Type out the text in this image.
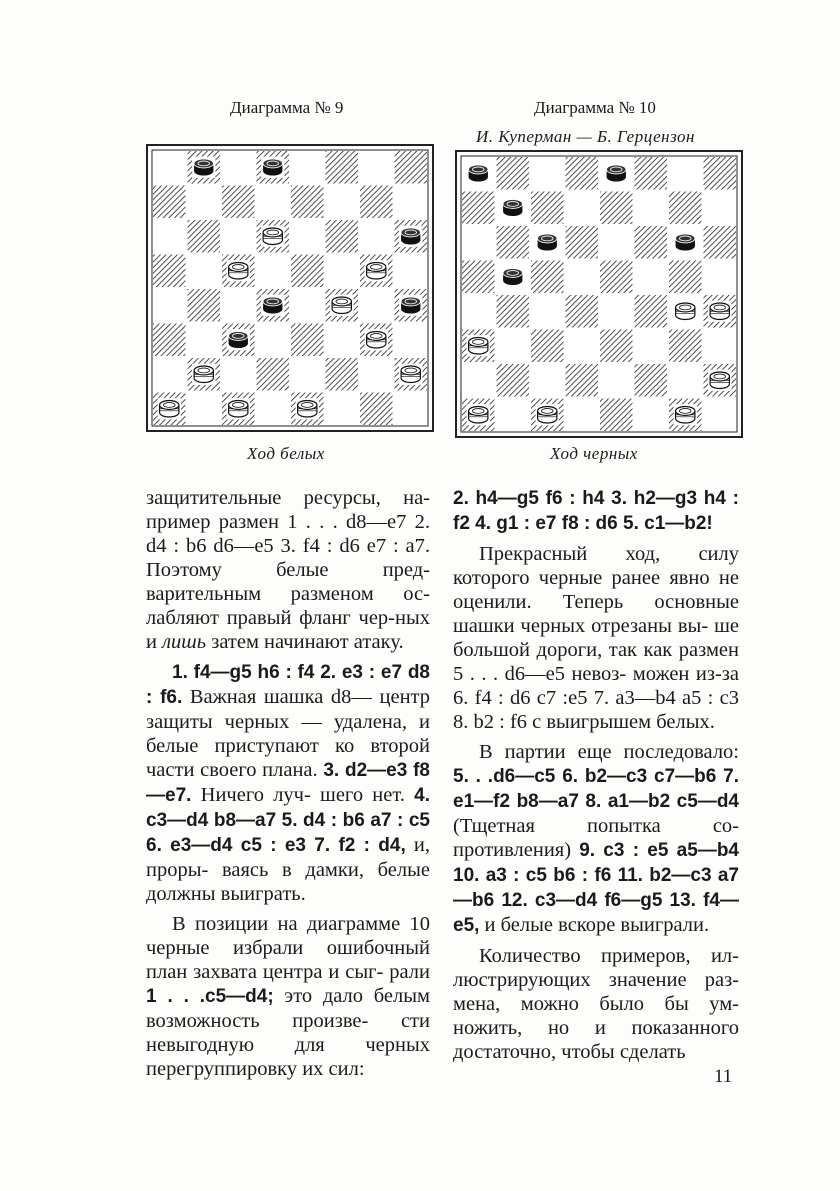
Диаграмма № 9	Диаграмма № 10
И. Куперман — Б. Герцензон
Ход белых	Ход черных

защитительные ресурсы, на-пример размен 1 . . . d8—e7 2. d4 : b6 d6—e5 3. f4 : d6 e7 : a7. Поэтому белые пред-варительным разменом ос-лабляют правый фланг чер-ных и лишь затем начинают атаку.

1. f4—g5 h6 : f4 2. e3 : e7 d8 : f6. Важная шашка d8— центр защиты черных — удалена, и белые приступают ко второй части своего плана. 3. d2—e3 f8—e7. Ничего луч- шего нет. 4. c3—d4 b8—a7 5. d4 : b6 a7 : c5 6. e3—d4 c5 : e3 7. f2 : d4, и, проры- ваясь в дамки, белые должны выиграть.

В позиции на диаграмме 10 черные избрали ошибочный план захвата центра и сыг- рали 1 . . .c5—d4; это дало белым возможность произве- сти невыгодную для черных перегруппировку их сил:

2. h4—g5 f6 : h4 3. h2—g3 h4 : f2 4. g1 : e7 f8 : d6 5. c1—b2!

Прекрасный ход, силу которого черные ранее явно не оценили. Теперь основные шашки черных отрезаны вы- ше большой дороги, так как размен 5 . . . d6—e5 невоз- можен из-за 6. f4 : d6 c7 :e5 7. a3—b4 a5 : c3 8. b2 : f6 с выигрышем белых.

В партии еще последовало: 5. . .d6—c5 6. b2—c3 c7—b6 7. e1—f2 b8—a7 8. a1—b2 c5—d4 (Тщетная попытка со- противления) 9. c3 : e5 a5—b4 10. a3 : c5 b6 : f6 11. b2—c3 a7—b6 12. c3—d4 f6—g5 13. f4—e5, и белые вскоре выиграли.

Количество примеров, ил- люстрирующих значение раз- мена, можно было бы ум- ножить, но и показанного достаточно, чтобы сделать

11
